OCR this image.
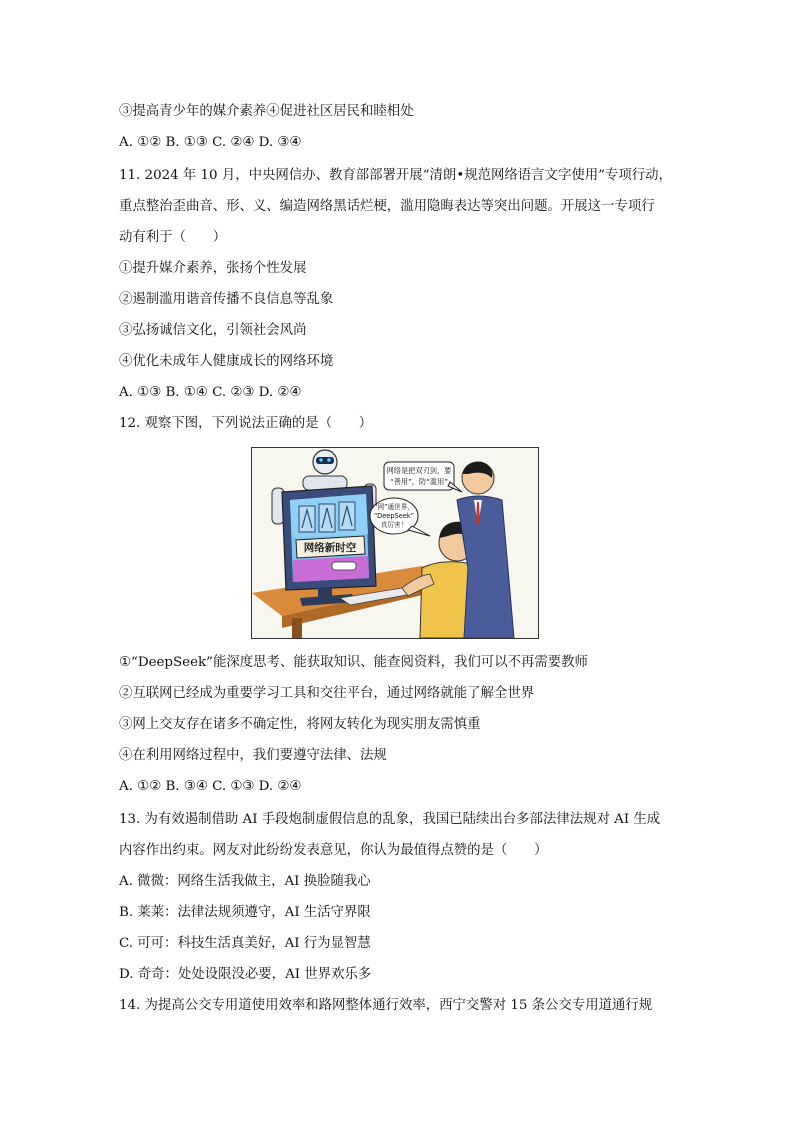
③提高青少年的媒介素养④促进社区居民和睦相处
A. ①② B. ①③ C. ②④ D. ③④
11. 2024 年 10 月，中央网信办、教育部部署开展“清朗•规范网络语言文字使用”专项行动，
重点整治歪曲音、形、义、编造网络黑话烂梗，滥用隐晦表达等突出问题。开展这一专项行
动有利于（　　）
①提升媒介素养，张扬个性发展
②遏制滥用谐音传播不良信息等乱象
③弘扬诚信文化，引领社会风尚
④优化未成年人健康成长的网络环境
A. ①③ B. ①④ C. ②③ D. ②④
12. 观察下图，下列说法正确的是（　　）
网络新时空
网络是把双刃剑，要
“善用”，防“滥用”
“网”通世界，
“DeepSeek”
真厉害！
①“DeepSeek”能深度思考、能获取知识、能查阅资料，我们可以不再需要教师
②互联网已经成为重要学习工具和交往平台，通过网络就能了解全世界
③网上交友存在诸多不确定性，将网友转化为现实朋友需慎重
④在利用网络过程中，我们要遵守法律、法规
A. ①② B. ③④ C. ①③ D. ②④
13. 为有效遏制借助 AI 手段炮制虚假信息的乱象，我国已陆续出台多部法律法规对 AI 生成
内容作出约束。网友对此纷纷发表意见，你认为最值得点赞的是（　　）
A. 微微：网络生活我做主，AI 换脸随我心
B. 莱莱：法律法规须遵守，AI 生活守界限
C. 可可：科技生活真美好，AI 行为显智慧
D. 奇奇：处处设限没必要，AI 世界欢乐多
14. 为提高公交专用道使用效率和路网整体通行效率，西宁交警对 15 条公交专用道通行规
